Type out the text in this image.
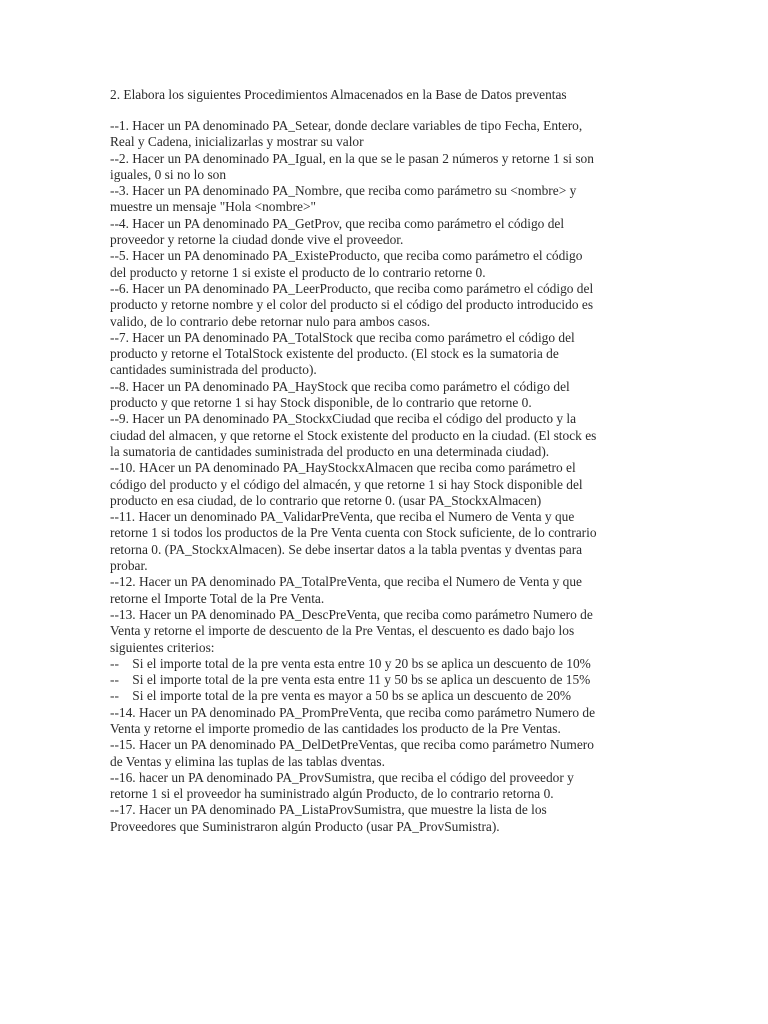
2. Elabora los siguientes Procedimientos Almacenados en la Base de Datos preventas

--1. Hacer un PA denominado PA_Setear, donde declare variables de tipo Fecha, Entero,

Real y Cadena, inicializarlas y mostrar su valor

--2. Hacer un PA denominado PA_Igual, en la que se le pasan 2 números y retorne 1 si son

iguales, 0 si no lo son

--3. Hacer un PA denominado PA_Nombre, que reciba como parámetro su <nombre> y

muestre un mensaje "Hola <nombre>"

--4. Hacer un PA denominado PA_GetProv, que reciba como parámetro el código del

proveedor y retorne la ciudad donde vive el proveedor.

--5. Hacer un PA denominado PA_ExisteProducto, que reciba como parámetro el código

del producto y retorne 1 si existe el producto de lo contrario retorne 0.

--6. Hacer un PA denominado PA_LeerProducto, que reciba como parámetro el código del

producto y retorne nombre y el color del producto si el código del producto introducido es

valido, de lo contrario debe retornar nulo para ambos casos.

--7. Hacer un PA denominado PA_TotalStock que reciba como parámetro el código del

producto y retorne el TotalStock existente del producto. (El stock es la sumatoria de

cantidades suministrada del producto).

--8. Hacer un PA denominado PA_HayStock que reciba como parámetro el código del

producto y que retorne 1 si hay Stock disponible, de lo contrario que retorne 0.

--9. Hacer un PA denominado PA_StockxCiudad que reciba el código del producto y la

ciudad del almacen, y que retorne el Stock existente del producto en la ciudad. (El stock es

la sumatoria de cantidades suministrada del producto en una determinada ciudad).

--10. HAcer un PA denominado PA_HayStockxAlmacen que reciba como parámetro el

código del producto y el código del almacén, y que retorne 1 si hay Stock disponible del

producto en esa ciudad, de lo contrario que retorne 0. (usar PA_StockxAlmacen)

--11. Hacer un denominado PA_ValidarPreVenta, que reciba el Numero de Venta y que

retorne 1 si todos los productos de la Pre Venta cuenta con Stock suficiente, de lo contrario

retorna 0. (PA_StockxAlmacen). Se debe insertar datos a la tabla pventas y dventas para

probar.

--12. Hacer un PA denominado PA_TotalPreVenta, que reciba el Numero de Venta y que

retorne el Importe Total de la Pre Venta.

--13. Hacer un PA denominado PA_DescPreVenta, que reciba como parámetro Numero de

Venta y retorne el importe de descuento de la Pre Ventas, el descuento es dado bajo los

siguientes criterios:

--    Si el importe total de la pre venta esta entre 10 y 20 bs se aplica un descuento de 10%

--    Si el importe total de la pre venta esta entre 11 y 50 bs se aplica un descuento de 15%

--    Si el importe total de la pre venta es mayor a 50 bs se aplica un descuento de 20%

--14. Hacer un PA denominado PA_PromPreVenta, que reciba como parámetro Numero de

Venta y retorne el importe promedio de las cantidades los producto de la Pre Ventas.

--15. Hacer un PA denominado PA_DelDetPreVentas, que reciba como parámetro Numero

de Ventas y elimina las tuplas de las tablas dventas.

--16. hacer un PA denominado PA_ProvSumistra, que reciba el código del proveedor y

retorne 1 si el proveedor ha suministrado algún Producto, de lo contrario retorna 0.

--17. Hacer un PA denominado PA_ListaProvSumistra, que muestre la lista de los

Proveedores que Suministraron algún Producto (usar PA_ProvSumistra).
